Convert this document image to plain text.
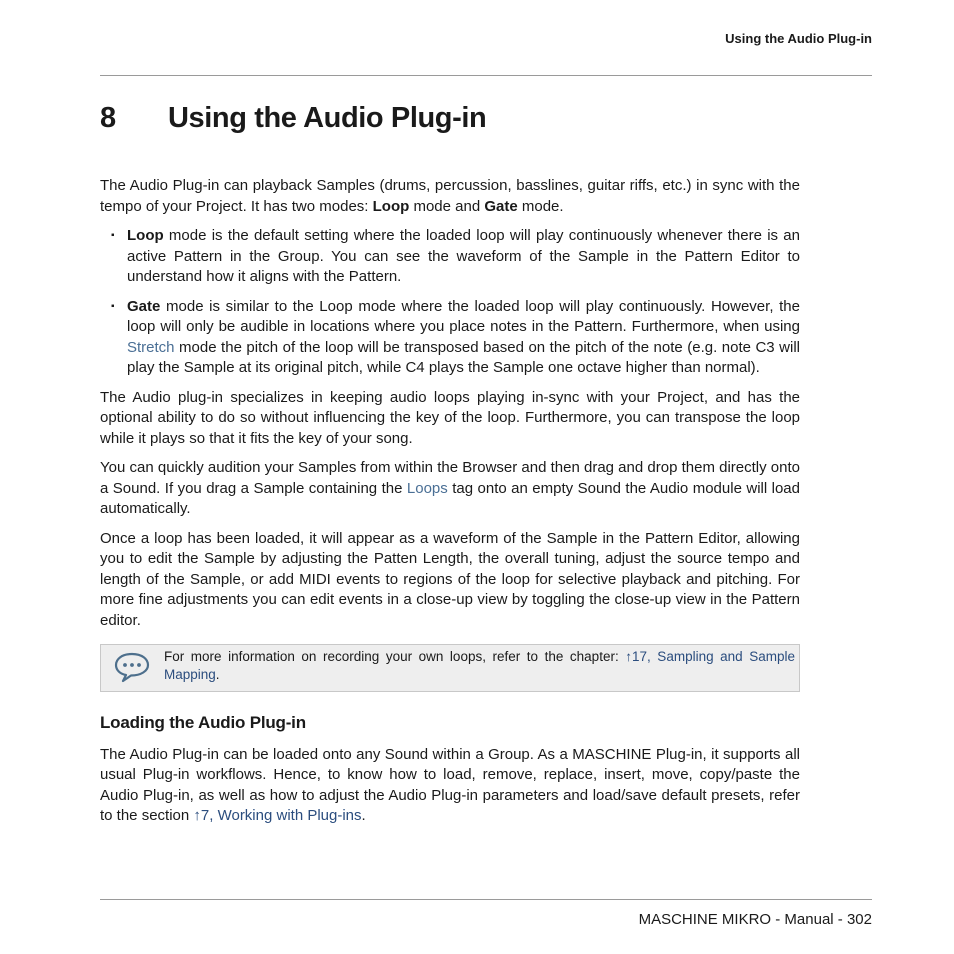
Using the Audio Plug-in
8 Using the Audio Plug-in

The Audio Plug-in can playback Samples (drums, percussion, basslines, guitar riffs, etc.) in sync with the tempo of your Project. It has two modes: Loop mode and Gate mode.

▪ Loop mode is the default setting where the loaded loop will play continuously whenever there is an active Pattern in the Group. You can see the waveform of the Sample in the Pattern Editor to understand how it aligns with the Pattern.
▪ Gate mode is similar to the Loop mode where the loaded loop will play continuously. However, the loop will only be audible in locations where you place notes in the Pattern. Furthermore, when using Stretch mode the pitch of the loop will be transposed based on the pitch of the note (e.g. note C3 will play the Sample at its original pitch, while C4 plays the Sample one octave higher than normal).

The Audio plug-in specializes in keeping audio loops playing in-sync with your Project, and has the optional ability to do so without influencing the key of the loop. Furthermore, you can transpose the loop while it plays so that it fits the key of your song.

You can quickly audition your Samples from within the Browser and then drag and drop them directly onto a Sound. If you drag a Sample containing the Loops tag onto an empty Sound the Audio module will load automatically.

Once a loop has been loaded, it will appear as a waveform of the Sample in the Pattern Editor, allowing you to edit the Sample by adjusting the Patten Length, the overall tuning, adjust the source tempo and length of the Sample, or add MIDI events to regions of the loop for selective playback and pitching. For more fine adjustments you can edit events in a close-up view by toggling the close-up view in the Pattern editor.

For more information on recording your own loops, refer to the chapter: ↑17, Sampling and Sample Mapping.
Loading the Audio Plug-in

The Audio Plug-in can be loaded onto any Sound within a Group. As a MASCHINE Plug-in, it supports all usual Plug-in workflows. Hence, to know how to load, remove, replace, insert, move, copy/paste the Audio Plug-in, as well as how to adjust the Audio Plug-in parameters and load/save default presets, refer to the section ↑7, Working with Plug-ins.

MASCHINE MIKRO - Manual - 302
